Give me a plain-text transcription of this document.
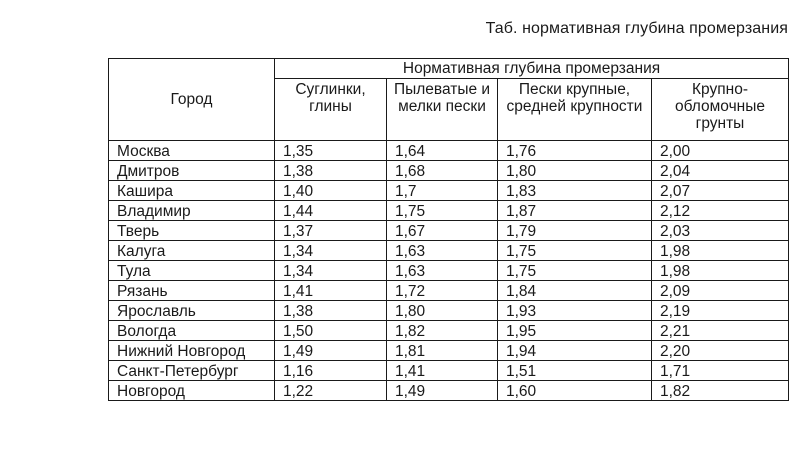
Таб. нормативная глубина промерзания
Город	Нормативная глубина промерзания			
	Суглинки, глины	Пылеватые и мелки пески	Пески крупные, средней крупности	Крупно-обломочные грунты
Москва	1,35	1,64	1,76	2,00
Дмитров	1,38	1,68	1,80	2,04
Кашира	1,40	1,7	1,83	2,07
Владимир	1,44	1,75	1,87	2,12
Тверь	1,37	1,67	1,79	2,03
Калуга	1,34	1,63	1,75	1,98
Тула	1,34	1,63	1,75	1,98
Рязань	1,41	1,72	1,84	2,09
Ярославль	1,38	1,80	1,93	2,19
Вологда	1,50	1,82	1,95	2,21
Нижний Новгород	1,49	1,81	1,94	2,20
Санкт-Петербург	1,16	1,41	1,51	1,71
Новгород	1,22	1,49	1,60	1,82
